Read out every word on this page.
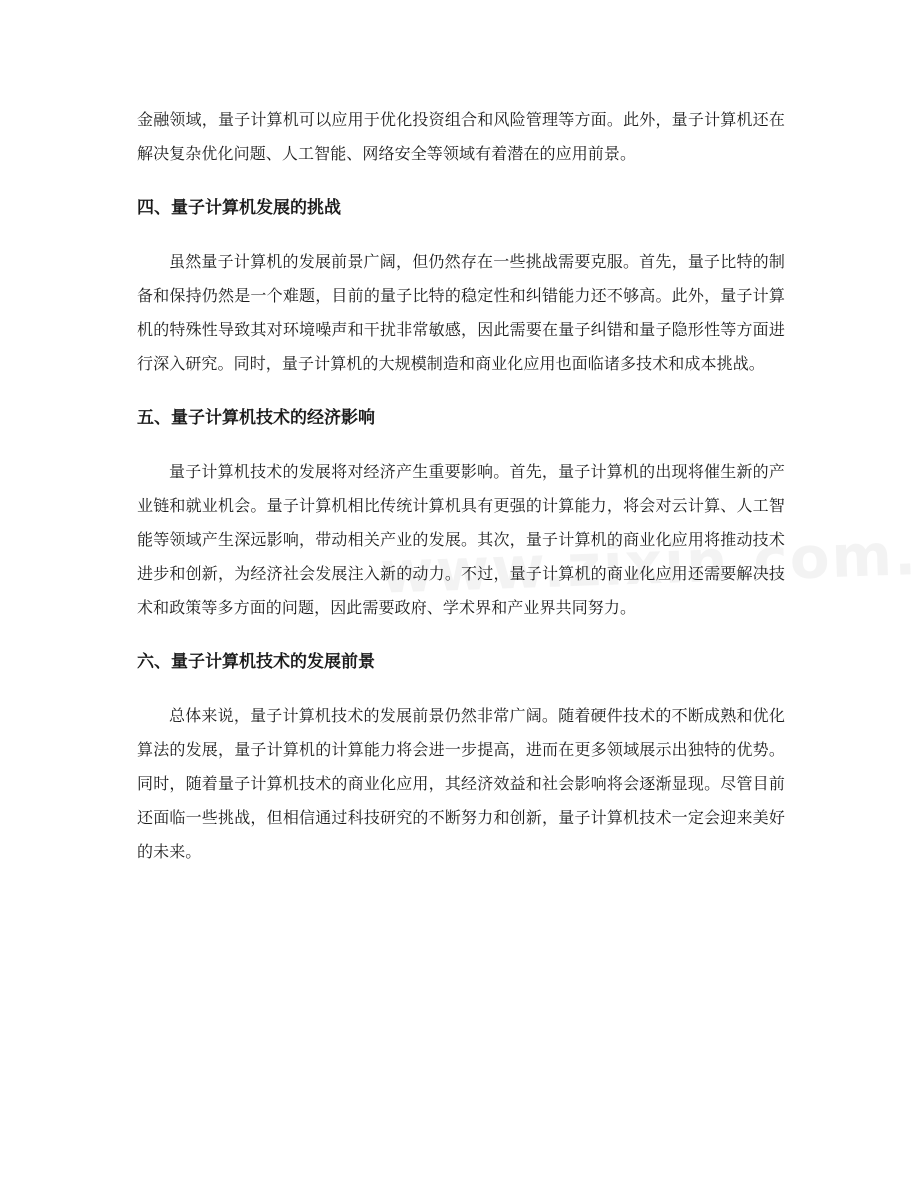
金融领域，量子计算机可以应用于优化投资组合和风险管理等方面。此外，量子计算机还在解决复杂优化问题、人工智能、网络安全等领域有着潜在的应用前景。

四、量子计算机发展的挑战

虽然量子计算机的发展前景广阔，但仍然存在一些挑战需要克服。首先，量子比特的制备和保持仍然是一个难题，目前的量子比特的稳定性和纠错能力还不够高。此外，量子计算机的特殊性导致其对环境噪声和干扰非常敏感，因此需要在量子纠错和量子隐形性等方面进行深入研究。同时，量子计算机的大规模制造和商业化应用也面临诸多技术和成本挑战。

五、量子计算机技术的经济影响

量子计算机技术的发展将对经济产生重要影响。首先，量子计算机的出现将催生新的产业链和就业机会。量子计算机相比传统计算机具有更强的计算能力，将会对云计算、人工智能等领域产生深远影响，带动相关产业的发展。其次，量子计算机的商业化应用将推动技术进步和创新，为经济社会发展注入新的动力。不过，量子计算机的商业化应用还需要解决技术和政策等多方面的问题，因此需要政府、学术界和产业界共同努力。

六、量子计算机技术的发展前景

总体来说，量子计算机技术的发展前景仍然非常广阔。随着硬件技术的不断成熟和优化算法的发展，量子计算机的计算能力将会进一步提高，进而在更多领域展示出独特的优势。同时，随着量子计算机技术的商业化应用，其经济效益和社会影响将会逐渐显现。尽管目前还面临一些挑战，但相信通过科技研究的不断努力和创新，量子计算机技术一定会迎来美好的未来。
